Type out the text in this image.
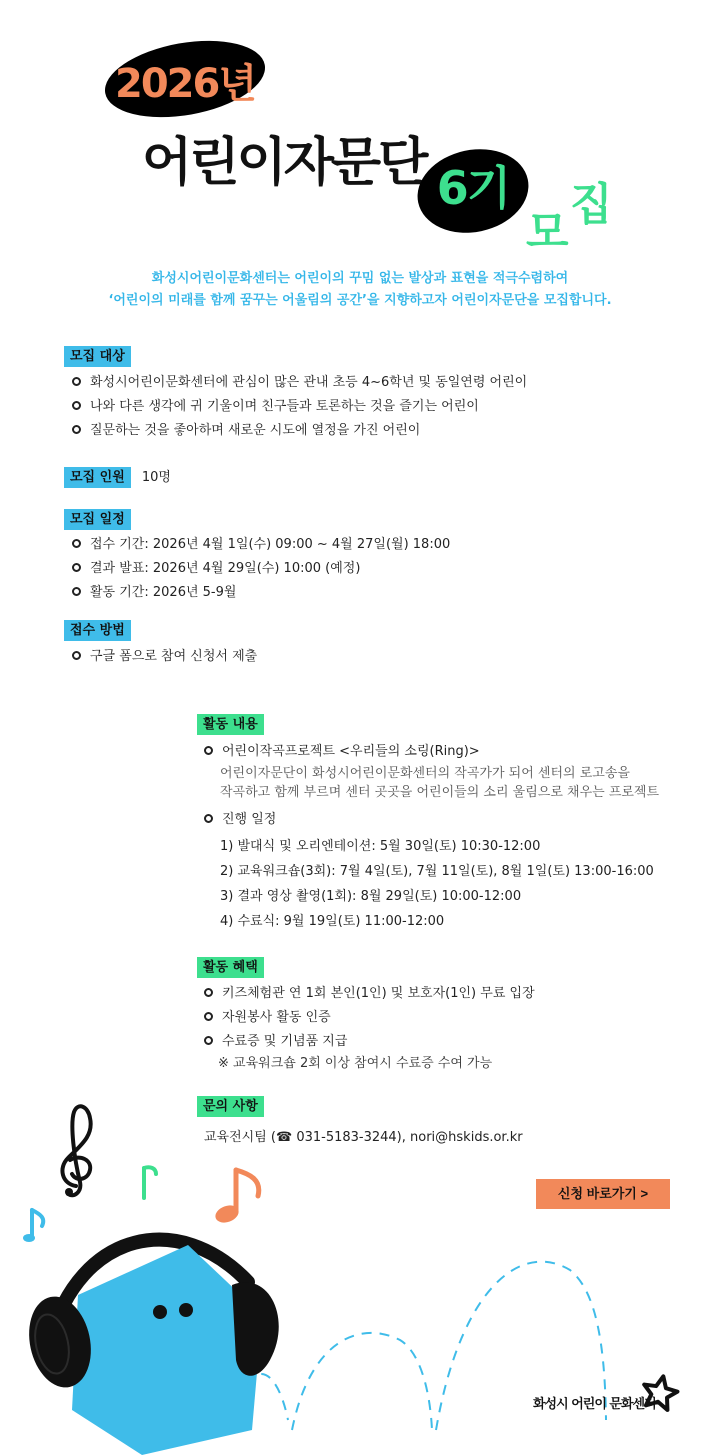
2026년
어린이자문단 6기
모
집
화성시어린이문화센터는 어린이의 꾸밈 없는 발상과 표현을 적극수렴하여
‘어린이의 미래를 함께 꿈꾸는 어울림의 공간’을 지향하고자 어린이자문단을 모집합니다.
모집 대상
화성시어린이문화센터에 관심이 많은 관내 초등 4~6학년 및 동일연령 어린이
나와 다른 생각에 귀 기울이며 친구들과 토론하는 것을 즐기는 어린이
질문하는 것을 좋아하며 새로운 시도에 열정을 가진 어린이
모집 인원 10명
모집 일정
접수 기간: 2026년 4월 1일(수) 09:00 ~ 4월 27일(월) 18:00
결과 발표: 2026년 4월 29일(수) 10:00 (예정)
활동 기간: 2026년 5-9월
접수 방법
구글 폼으로 참여 신청서 제출
활동 내용
어린이작곡프로젝트 <우리들의 소링(Ring)>
어린이자문단이 화성시어린이문화센터의 작곡가가 되어 센터의 로고송을
작곡하고 함께 부르며 센터 곳곳을 어린이들의 소리 울림으로 채우는 프로젝트
진행 일정
1) 발대식 및 오리엔테이션: 5월 30일(토) 10:30-12:00
2) 교육워크숍(3회): 7월 4일(토), 7월 11일(토), 8월 1일(토) 13:00-16:00
3) 결과 영상 촬영(1회): 8월 29일(토) 10:00-12:00
4) 수료식: 9월 19일(토) 11:00-12:00
활동 혜택
키즈체험관 연 1회 본인(1인) 및 보호자(1인) 무료 입장
자원봉사 활동 인증
수료증 및 기념품 지급
※ 교육워크숍 2회 이상 참여시 수료증 수여 가능
문의 사항
교육전시팀 (☎ 031-5183-3244), nori@hskids.or.kr
신청 바로가기 >
화성시 어린이 문화센터
